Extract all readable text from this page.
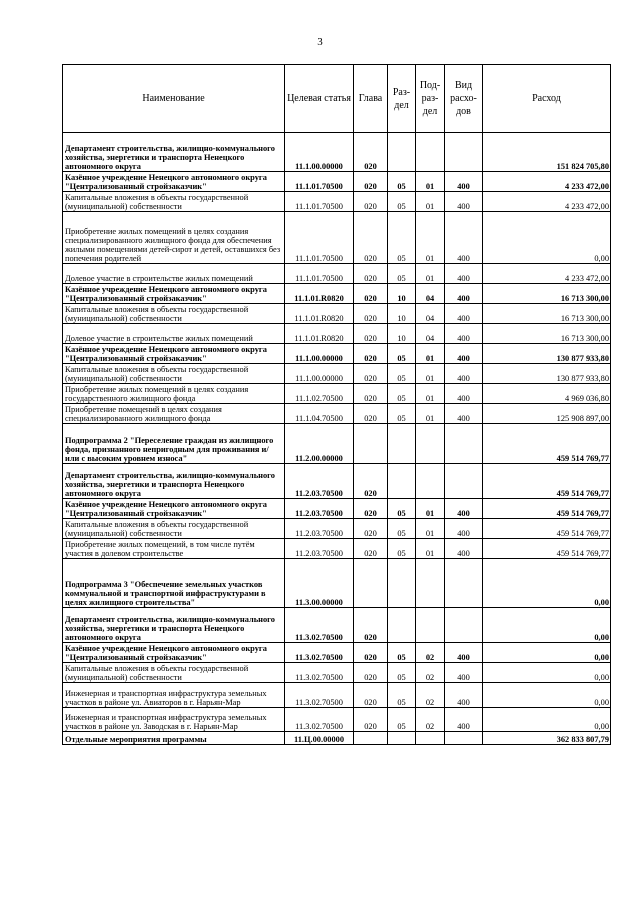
3
Наименование	Целевая статья	Глава	Раз-дел	Под-раз-дел	Вид расхо-дов	Расход
Департамент строительства, жилищно-коммунального хозяйства, энергетики и транспорта Ненецкого автономного округа	11.1.00.00000	020				151 824 705,80
Казённое учреждение Ненецкого автономного округа "Централизованный стройзаказчик"	11.1.01.70500	020	05	01	400	4 233 472,00
Капитальные вложения в объекты государственной (муниципальной) собственности	11.1.01.70500	020	05	01	400	4 233 472,00
Приобретение жилых помещений в целях создания специализированного жилищного фонда для обеспечения жилыми помещениями детей-сирот и детей, оставшихся без попечения родителей	11.1.01.70500	020	05	01	400	0,00
Долевое участие в строительстве жилых помещений	11.1.01.70500	020	05	01	400	4 233 472,00
Казённое учреждение Ненецкого автономного округа "Централизованный стройзаказчик"	11.1.01.R0820	020	10	04	400	16 713 300,00
Капитальные вложения в объекты государственной (муниципальной) собственности	11.1.01.R0820	020	10	04	400	16 713 300,00
Долевое участие в строительстве жилых помещений	11.1.01.R0820	020	10	04	400	16 713 300,00
Казённое учреждение Ненецкого автономного округа "Централизованный стройзаказчик"	11.1.00.00000	020	05	01	400	130 877 933,80
Капитальные вложения в объекты государственной (муниципальной) собственности	11.1.00.00000	020	05	01	400	130 877 933,80
Приобретение жилых помещений в целях создания государственного жилищного фонда	11.1.02.70500	020	05	01	400	4 969 036,80
Приобретение помещений в целях создания специализированного жилищного фонда	11.1.04.70500	020	05	01	400	125 908 897,00
Подпрограмма 2 "Переселение граждан из жилищного фонда, признанного непригодным для проживания и/или с высоким уровнем износа"	11.2.00.00000					459 514 769,77
Департамент строительства, жилищно-коммунального хозяйства, энергетики и транспорта Ненецкого автономного округа	11.2.03.70500	020				459 514 769,77
Казённое учреждение Ненецкого автономного округа "Централизованный стройзаказчик"	11.2.03.70500	020	05	01	400	459 514 769,77
Капитальные вложения в объекты государственной (муниципальной) собственности	11.2.03.70500	020	05	01	400	459 514 769,77
Приобретение жилых помещений, в том числе путём участия в долевом строительстве	11.2.03.70500	020	05	01	400	459 514 769,77
Подпрограмма 3 "Обеспечение земельных участков коммунальной и транспортной инфраструктурами в целях жилищного строительства"	11.3.00.00000					0,00
Департамент строительства, жилищно-коммунального хозяйства, энергетики и транспорта Ненецкого автономного округа	11.3.02.70500	020				0,00
Казённое учреждение Ненецкого автономного округа "Централизованный стройзаказчик"	11.3.02.70500	020	05	02	400	0,00
Капитальные вложения в объекты государственной (муниципальной) собственности	11.3.02.70500	020	05	02	400	0,00
Инженерная и транспортная инфраструктура земельных участков в районе ул. Авиаторов в г. Нарьян-Мар	11.3.02.70500	020	05	02	400	0,00
Инженерная и транспортная инфраструктура земельных участков в районе ул. Заводская в г. Нарьян-Мар	11.3.02.70500	020	05	02	400	0,00
Отдельные мероприятия программы	11.Ц.00.00000					362 833 807,79
